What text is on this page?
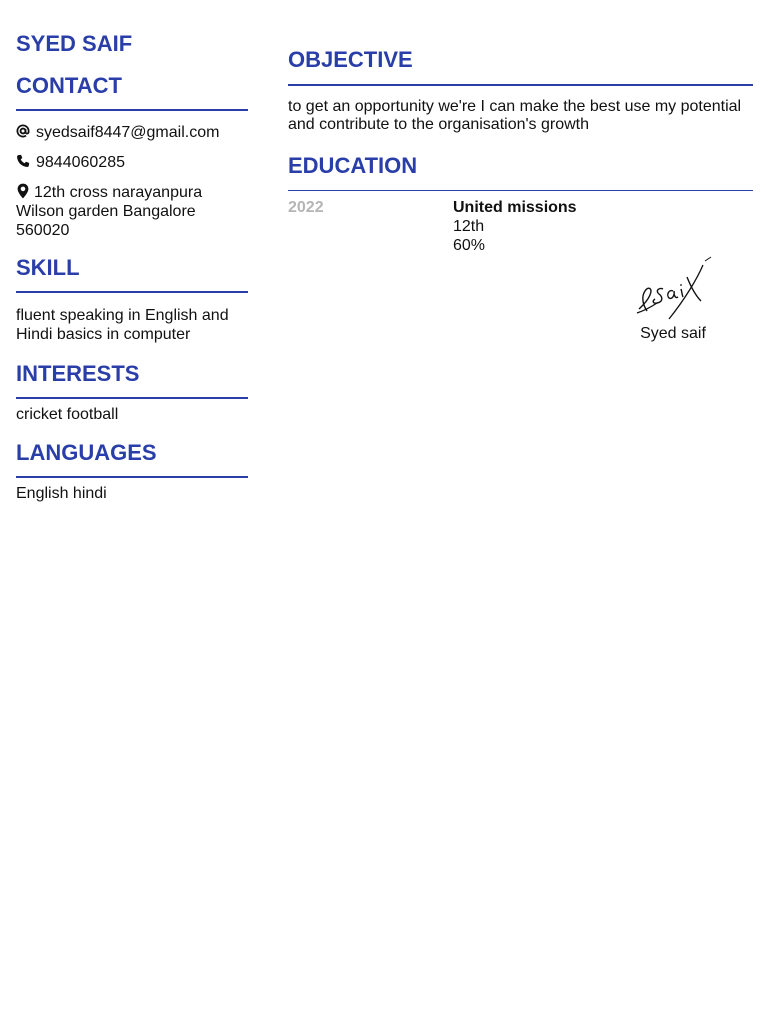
SYED SAIF
CONTACT
syedsaif8447@gmail.com
9844060285
12th cross narayanpura Wilson garden Bangalore 560020
SKILL

fluent speaking in English and Hindi basics in computer

INTERESTS

cricket football

LANGUAGES

English hindi

OBJECTIVE

to get an opportunity we're I can make the best use my potential and contribute to the organisation's growth

EDUCATION
2022	United missions
12th
60%
Syed saif
